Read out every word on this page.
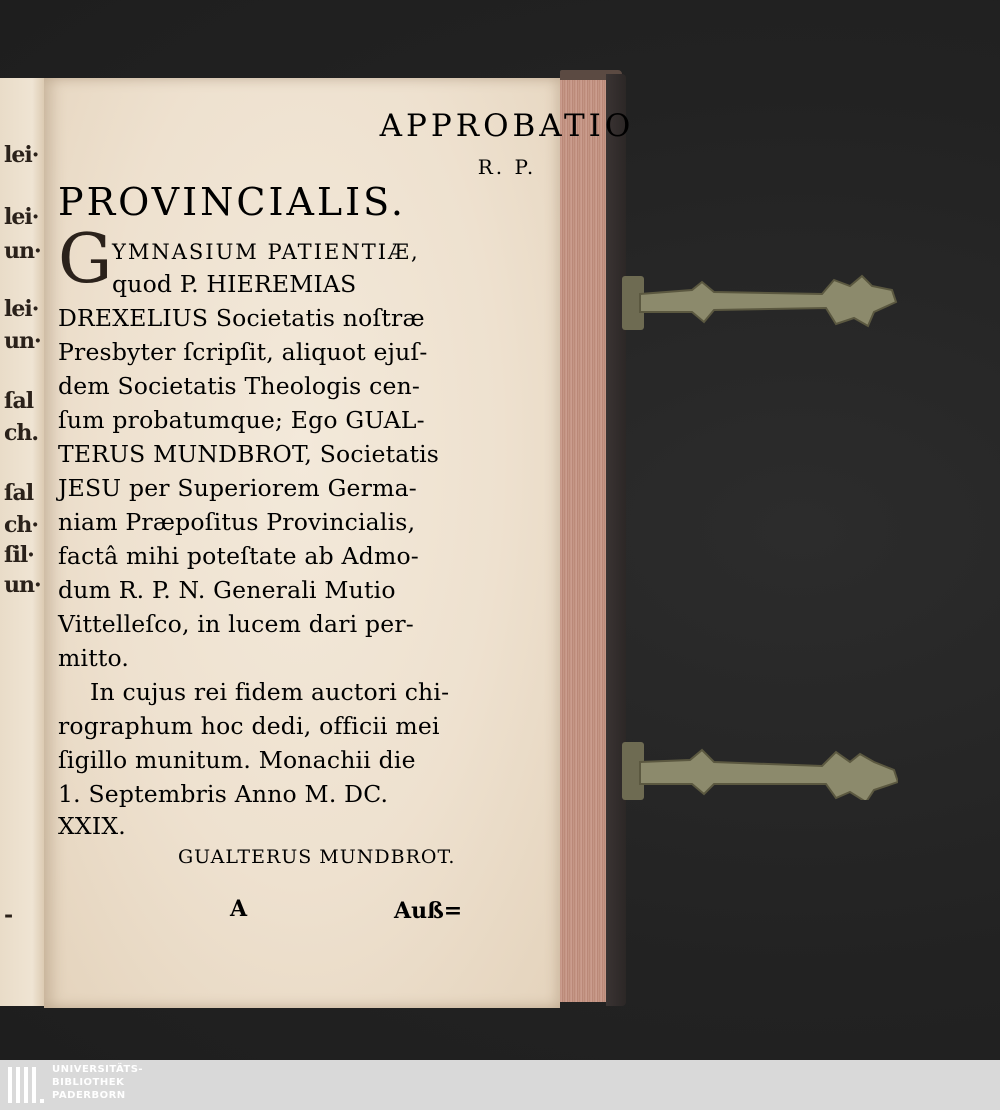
lei·
lei·
un·
lei·
un·
ſal
ch.
ſal
ch·
ſil·
un·
-
APPROBATIO
R. P.
PROVINCIALIS.
G YMNASIUM PATIENTIÆ,
quod P. HIEREMIAS
DREXELIUS Societatis noſtræ
Presbyter ſcripſit, aliquot ejuſ-
dem Societatis Theologis cen-
ſum probatumque; Ego GUAL-
TERUS MUNDBROT, Societatis
JESU per Superiorem Germa-
niam Præpoſitus Provincialis,
factâ mihi poteſtate ab Admo-
dum R. P. N. Generali Mutio
Vittelleſco, in lucem dari per-
mitto.
In cujus rei fidem auctori chi-
rographum hoc dedi, officii mei
ſigillo munitum. Monachii die
1. Septembris Anno M. DC.
XXIX.
GUALTERUS MUNDBROT.
A	Auß=
UNIVERSITÄTS-
BIBLIOTHEK
PADERBORN
